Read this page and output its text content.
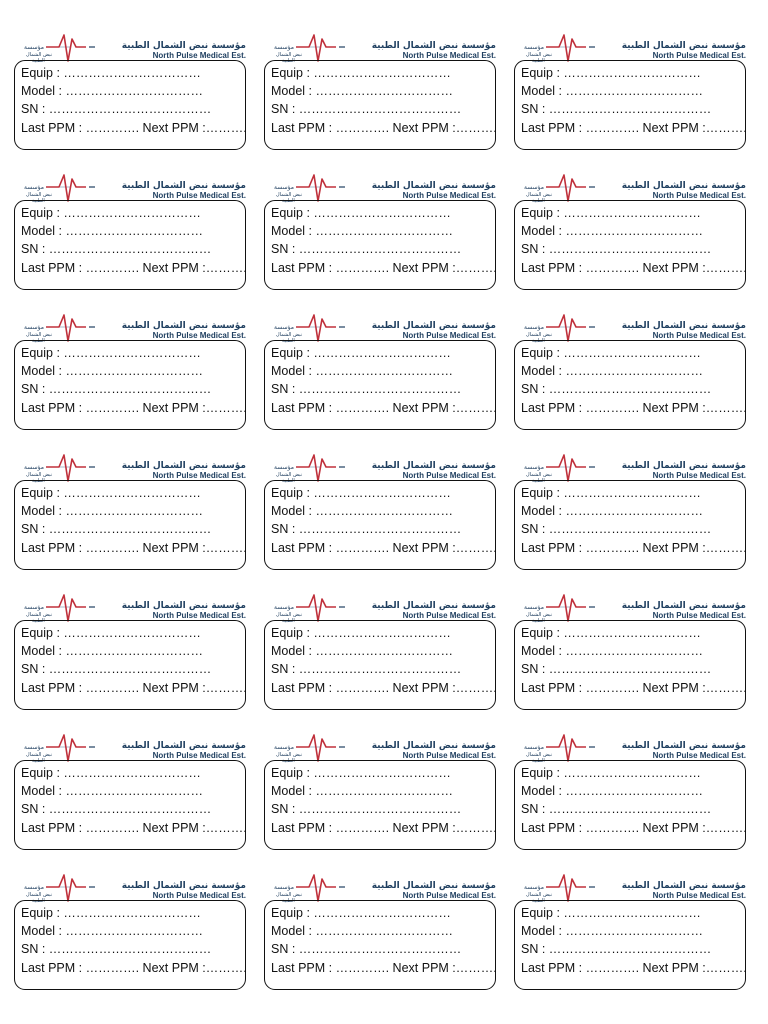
مؤسسة
نبض الشمال
الطبية
مؤسسة نبض الشمال الطبية
North Pulse Medical Est.
Equip : ……………………………
Model : ……………………………
SN : …………………………………
Last PPM : …………. Next PPM :……….
مؤسسة
نبض الشمال
الطبية
مؤسسة نبض الشمال الطبية
North Pulse Medical Est.
Equip : ……………………………
Model : ……………………………
SN : …………………………………
Last PPM : …………. Next PPM :……….
مؤسسة
نبض الشمال
الطبية
مؤسسة نبض الشمال الطبية
North Pulse Medical Est.
Equip : ……………………………
Model : ……………………………
SN : …………………………………
Last PPM : …………. Next PPM :……….
مؤسسة
نبض الشمال
الطبية
مؤسسة نبض الشمال الطبية
North Pulse Medical Est.
Equip : ……………………………
Model : ……………………………
SN : …………………………………
Last PPM : …………. Next PPM :……….
مؤسسة
نبض الشمال
الطبية
مؤسسة نبض الشمال الطبية
North Pulse Medical Est.
Equip : ……………………………
Model : ……………………………
SN : …………………………………
Last PPM : …………. Next PPM :……….
مؤسسة
نبض الشمال
الطبية
مؤسسة نبض الشمال الطبية
North Pulse Medical Est.
Equip : ……………………………
Model : ……………………………
SN : …………………………………
Last PPM : …………. Next PPM :……….
مؤسسة
نبض الشمال
الطبية
مؤسسة نبض الشمال الطبية
North Pulse Medical Est.
Equip : ……………………………
Model : ……………………………
SN : …………………………………
Last PPM : …………. Next PPM :……….
مؤسسة
نبض الشمال
الطبية
مؤسسة نبض الشمال الطبية
North Pulse Medical Est.
Equip : ……………………………
Model : ……………………………
SN : …………………………………
Last PPM : …………. Next PPM :……….
مؤسسة
نبض الشمال
الطبية
مؤسسة نبض الشمال الطبية
North Pulse Medical Est.
Equip : ……………………………
Model : ……………………………
SN : …………………………………
Last PPM : …………. Next PPM :……….
مؤسسة
نبض الشمال
الطبية
مؤسسة نبض الشمال الطبية
North Pulse Medical Est.
Equip : ……………………………
Model : ……………………………
SN : …………………………………
Last PPM : …………. Next PPM :……….
مؤسسة
نبض الشمال
الطبية
مؤسسة نبض الشمال الطبية
North Pulse Medical Est.
Equip : ……………………………
Model : ……………………………
SN : …………………………………
Last PPM : …………. Next PPM :……….
مؤسسة
نبض الشمال
الطبية
مؤسسة نبض الشمال الطبية
North Pulse Medical Est.
Equip : ……………………………
Model : ……………………………
SN : …………………………………
Last PPM : …………. Next PPM :……….
مؤسسة
نبض الشمال
الطبية
مؤسسة نبض الشمال الطبية
North Pulse Medical Est.
Equip : ……………………………
Model : ……………………………
SN : …………………………………
Last PPM : …………. Next PPM :……….
مؤسسة
نبض الشمال
الطبية
مؤسسة نبض الشمال الطبية
North Pulse Medical Est.
Equip : ……………………………
Model : ……………………………
SN : …………………………………
Last PPM : …………. Next PPM :……….
مؤسسة
نبض الشمال
الطبية
مؤسسة نبض الشمال الطبية
North Pulse Medical Est.
Equip : ……………………………
Model : ……………………………
SN : …………………………………
Last PPM : …………. Next PPM :……….
مؤسسة
نبض الشمال
الطبية
مؤسسة نبض الشمال الطبية
North Pulse Medical Est.
Equip : ……………………………
Model : ……………………………
SN : …………………………………
Last PPM : …………. Next PPM :……….
مؤسسة
نبض الشمال
الطبية
مؤسسة نبض الشمال الطبية
North Pulse Medical Est.
Equip : ……………………………
Model : ……………………………
SN : …………………………………
Last PPM : …………. Next PPM :……….
مؤسسة
نبض الشمال
الطبية
مؤسسة نبض الشمال الطبية
North Pulse Medical Est.
Equip : ……………………………
Model : ……………………………
SN : …………………………………
Last PPM : …………. Next PPM :……….
مؤسسة
نبض الشمال
الطبية
مؤسسة نبض الشمال الطبية
North Pulse Medical Est.
Equip : ……………………………
Model : ……………………………
SN : …………………………………
Last PPM : …………. Next PPM :……….
مؤسسة
نبض الشمال
الطبية
مؤسسة نبض الشمال الطبية
North Pulse Medical Est.
Equip : ……………………………
Model : ……………………………
SN : …………………………………
Last PPM : …………. Next PPM :……….
مؤسسة
نبض الشمال
الطبية
مؤسسة نبض الشمال الطبية
North Pulse Medical Est.
Equip : ……………………………
Model : ……………………………
SN : …………………………………
Last PPM : …………. Next PPM :……….
